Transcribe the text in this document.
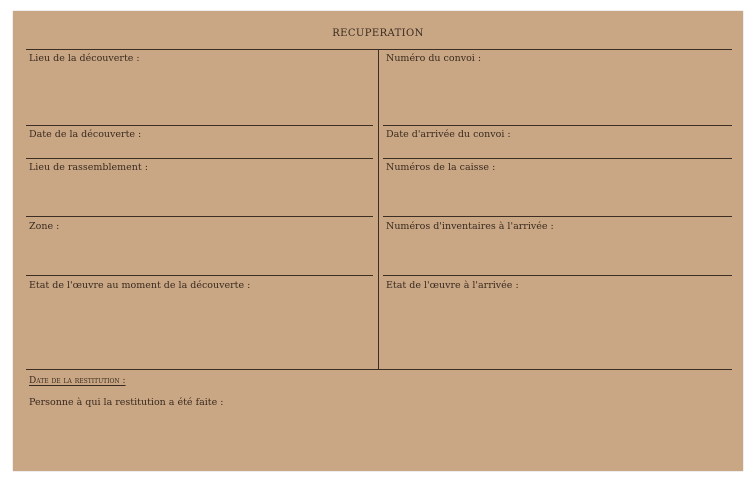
RECUPERATION
Lieu de la découverte :
Date de la découverte :
Lieu de rassemblement :
Zone :
Etat de l'œuvre au moment de la découverte :
Numéro du convoi :
Date d'arrivée du convoi :
Numéros de la caisse :
Numéros d'inventaires à l'arrivée :
Etat de l'œuvre à l'arrivée :
Date de la restitution :
Personne à qui la restitution a été faite :
